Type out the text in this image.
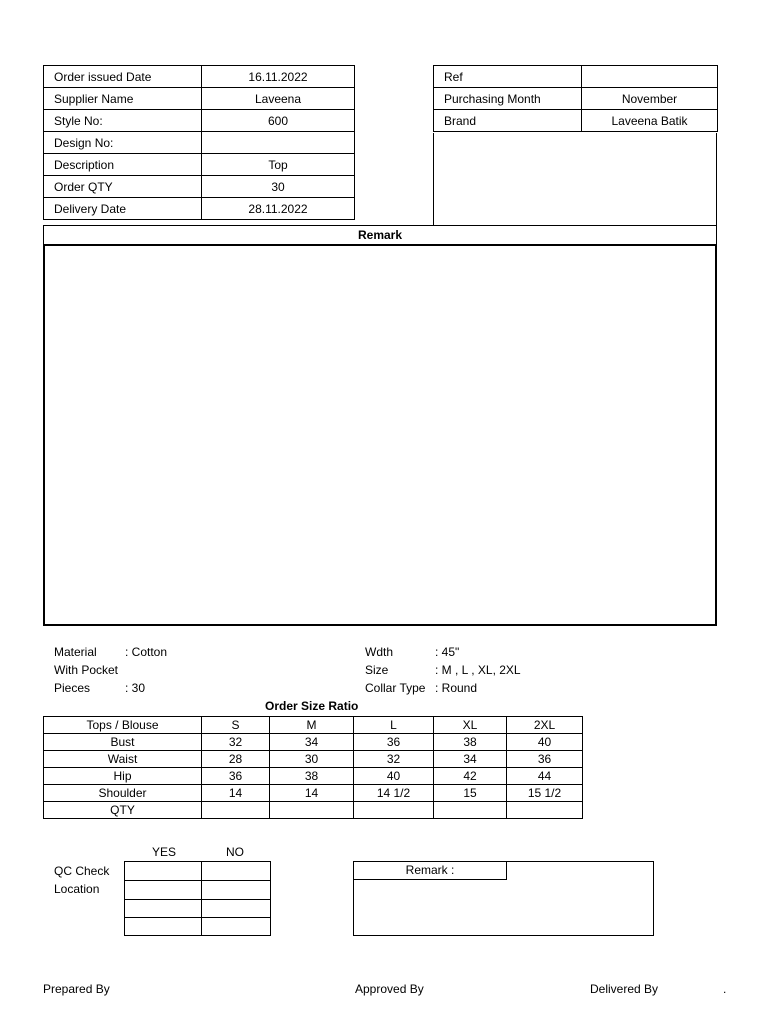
Order issued Date	16.11.2022
Supplier Name	Laveena
Style No:	600
Design No:	
Description	Top
Order QTY	30
Delivery Date	28.11.2022
Ref	
Purchasing Month	November
Brand	Laveena Batik
Remark
Material : Cotton
With Pocket
Pieces	: 30
Wdth	: 45"
Size	: M , L , XL, 2XL
Collar Type : Round
Order Size Ratio
Tops / Blouse	S	M	L	XL	2XL
Bust	32	34	36	38	40
Waist	28	30	32	34	36
Hip	36	38	40	42	44
Shoulder	14	14	14 1/2	15	15 1/2
QTY					
YES	NO
QC Check
Location

Remark :
Prepared By	Approved By	Delivered By	.
